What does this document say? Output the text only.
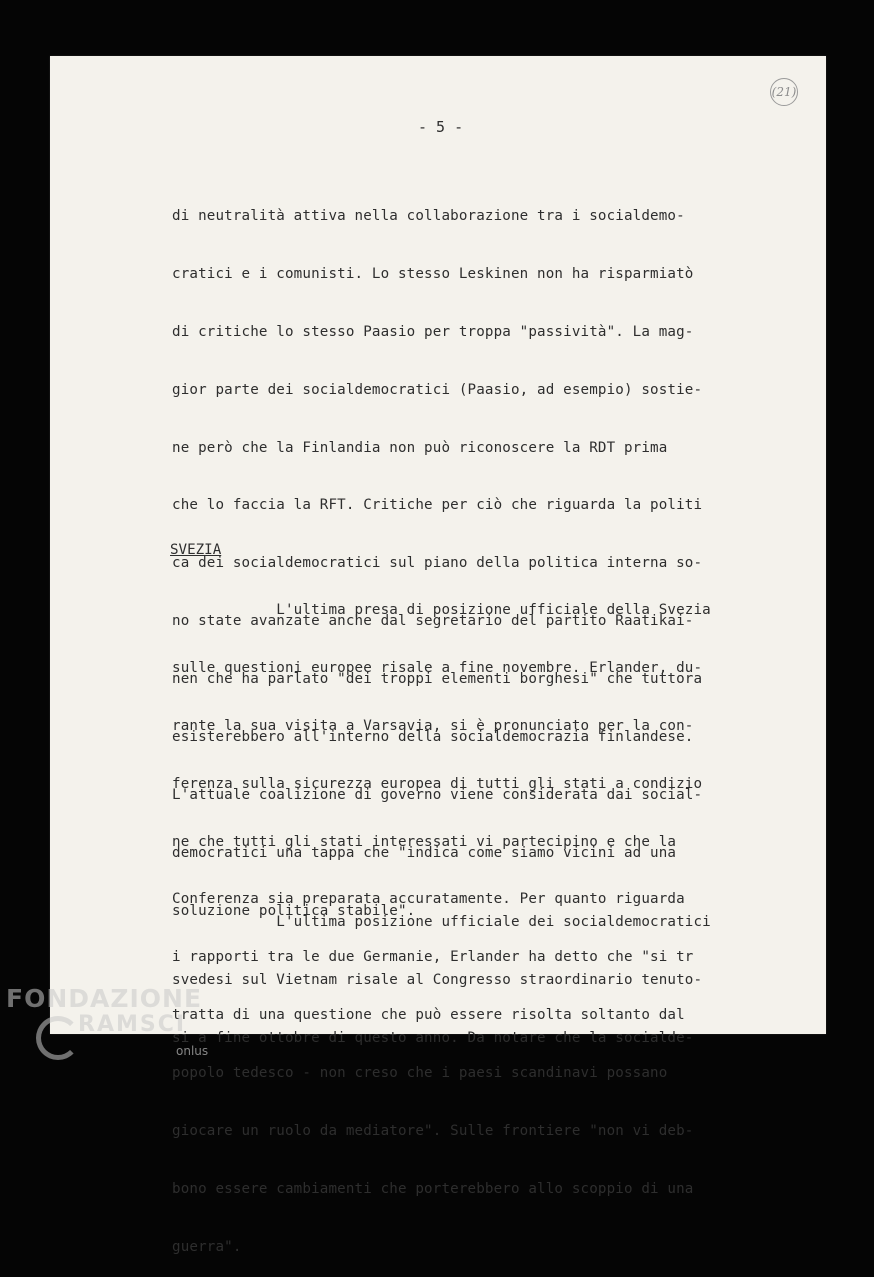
(21)
- 5 -

di neutralità attiva nella collaborazione tra i socialdemo-

cratici e i comunisti. Lo stesso Leskinen non ha risparmiatò

di critiche lo stesso Paasio per troppa "passività". La mag-

gior parte dei socialdemocratici (Paasio, ad esempio) sostie-

ne però che la Finlandia non può riconoscere la RDT prima

che lo faccia la RFT. Critiche per ciò che riguarda la politi

ca dei socialdemocratici sul piano della politica interna so-

no state avanzate anche dal segretario del partito Raatikai-

nen che ha parlato "dei troppi elementi borghesi" che tuttora

esisterebbero all'interno della socialdemocrazia finlandese.

L'attuale coalizione di governo viene considerata dai social-

democratici una tappa che "indica come siamo vicini ad una

soluzione politica stabile".

SVEZIA

L'ultima presa di posizione ufficiale della Svezia

sulle questioni europee risale a fine novembre. Erlander, du-

rante la sua visita a Varsavia, si è pronunciato per la con-

ferenza sulla sicurezza europea di tutti gli stati a condizio

ne che tutti gli stati interessati vi partecipino e che la

Conferenza sia preparata accuratamente. Per quanto riguarda

i rapporti tra le due Germanie, Erlander ha detto che "si tr

tratta di una questione che può essere risolta soltanto dal

popolo tedesco - non creso che i paesi scandinavi possano

giocare un ruolo da mediatore". Sulle frontiere "non vi deb-

bono essere cambiamenti che porterebbero allo scoppio di una

guerra".

L'ultima posizione ufficiale dei socialdemocratici

svedesi sul Vietnam risale al Congresso straordinario tenuto-

si a fine ottobre di questo anno. Da notare che la socialde-

FONDAZIONE
RAMSCI
onlus
